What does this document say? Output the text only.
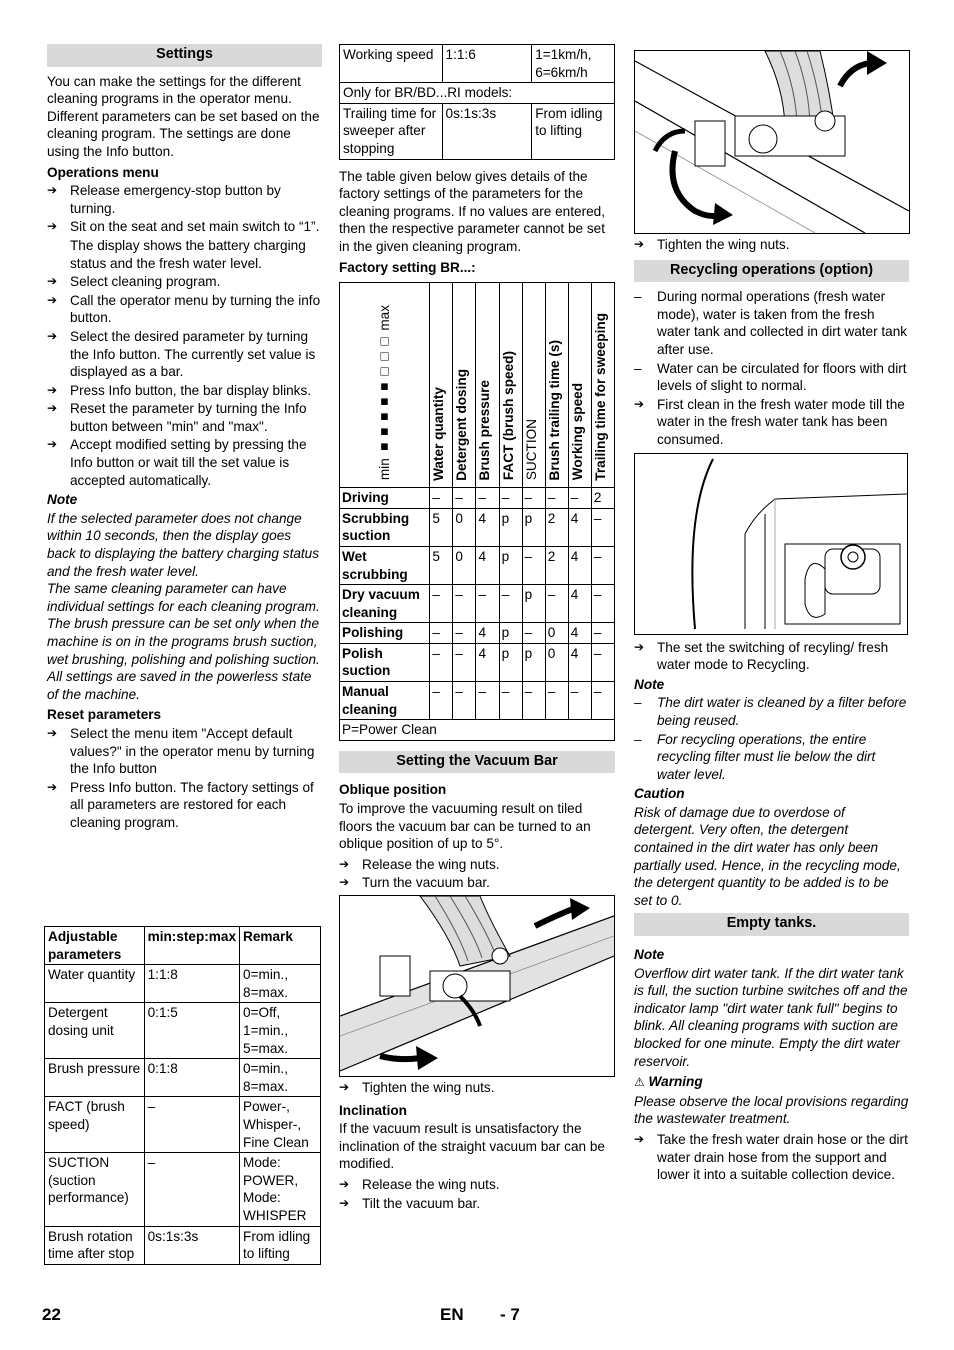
Settings

You can make the settings for the different cleaning programs in the operator menu. Different parameters can be set based on the cleaning program. The settings are done using the Info button.

Operations menu
➔ Release emergency-stop button by turning.
➔ Sit on the seat and set main switch to “1”.
The display shows the battery charging status and the fresh water level.
➔ Select cleaning program.
➔ Call the operator menu by turning the info button.
➔ Select the desired parameter by turning the Info button. The currently set value is displayed as a bar.
➔ Press Info button, the bar display blinks.
➔ Reset the parameter by turning the Info button between "min" and "max".
➔ Accept modified setting by pressing the Info button or wait till the set value is accepted automatically.
Note

If the selected parameter does not change within 10 seconds, then the display goes back to displaying the battery charging status and the fresh water level.

The same cleaning parameter can have individual settings for each cleaning program.

The brush pressure can be set only when the machine is on in the programs brush suction, wet brushing, polishing and polishing suction.

All settings are saved in the powerless state of the machine.

Reset parameters
➔ Select the menu item "Accept default values?" in the operator menu by turning the Info button
➔ Press Info button. The factory settings of all parameters are restored for each cleaning program.
Adjustable parameters	min:step:max	Remark
Water quantity	1:1:8	0=min., 8=max.
Detergent dosing unit	0:1:5	0=Off, 1=min., 5=max.
Brush pressure	0:1:8	0=min., 8=max.
FACT (brush speed)	–	Power-, Whisper-, Fine Clean
SUCTION (suction performance)	–	Mode: POWER, Mode: WHISPER
Brush rotation time after stop	0s:1s:3s	From idling to lifting
Working speed	1:1:6	1=1km/h, 6=6km/h
Only for BR/BD...RI models:		
Trailing time for sweeper after stopping	0s:1s:3s	From idling to lifting

The table given below gives details of the factory settings of the parameters for the cleaning programs. If no values are entered, then the respective parameter cannot be set in the given cleaning program.

Factory setting BR...:
min ■■■■■□□□ max	Water quantity	Detergent dosing	Brush pressure	FACT (brush speed)	SUCTION	Brush trailing time (s)	Working speed	Trailing time for sweeping
Driving	–	–	–	–	–	–	–	2
Scrubbing suction	5	0	4	p	p	2	4	–
Wet scrubbing	5	0	4	p	–	2	4	–
Dry vacuum cleaning	–	–	–	–	p	–	4	–
Polishing	–	–	4	p	–	0	4	–
Polish suction	–	–	4	p	p	0	4	–
Manual cleaning	–	–	–	–	–	–	–	–
P=Power Clean								
Setting the Vacuum Bar
Oblique position

To improve the vacuuming result on tiled floors the vacuum bar can be turned to an oblique position of up to 5°.

➔ Release the wing nuts.
➔ Turn the vacuum bar.
➔ Tighten the wing nuts.
Inclination

If the vacuum result is unsatisfactory the inclination of the straight vacuum bar can be modified.

➔ Release the wing nuts.
➔ Tilt the vacuum bar.
➔ Tighten the wing nuts.
Recycling operations (option)
– During normal operations (fresh water mode), water is taken from the fresh water tank and collected in dirt water tank after use.
– Water can be circulated for floors with dirt levels of slight to normal.
➔ First clean in the fresh water mode till the water in the fresh water tank has been consumed.
➔ The set the switching of recyling/ fresh water mode to Recycling.
Note
– The dirt water is cleaned by a filter before being reused.
– For recycling operations, the entire recycling filter must lie below the dirt water level.
Caution

Risk of damage due to overdose of detergent. Very often, the detergent contained in the dirt water has only been partially used. Hence, in the recycling mode, the detergent quantity to be added is to be set to 0.

Empty tanks.
Note

Overflow dirt water tank. If the dirt water tank is full, the suction turbine switches off and the indicator lamp "dirt water tank full" begins to blink. All cleaning programs with suction are blocked for one minute. Empty the dirt water reservoir.

⚠ Warning

Please observe the local provisions regarding the wastewater treatment.

➔ Take the fresh water drain hose or the dirt water drain hose from the support and lower it into a suitable collection device.
22	EN - 7
